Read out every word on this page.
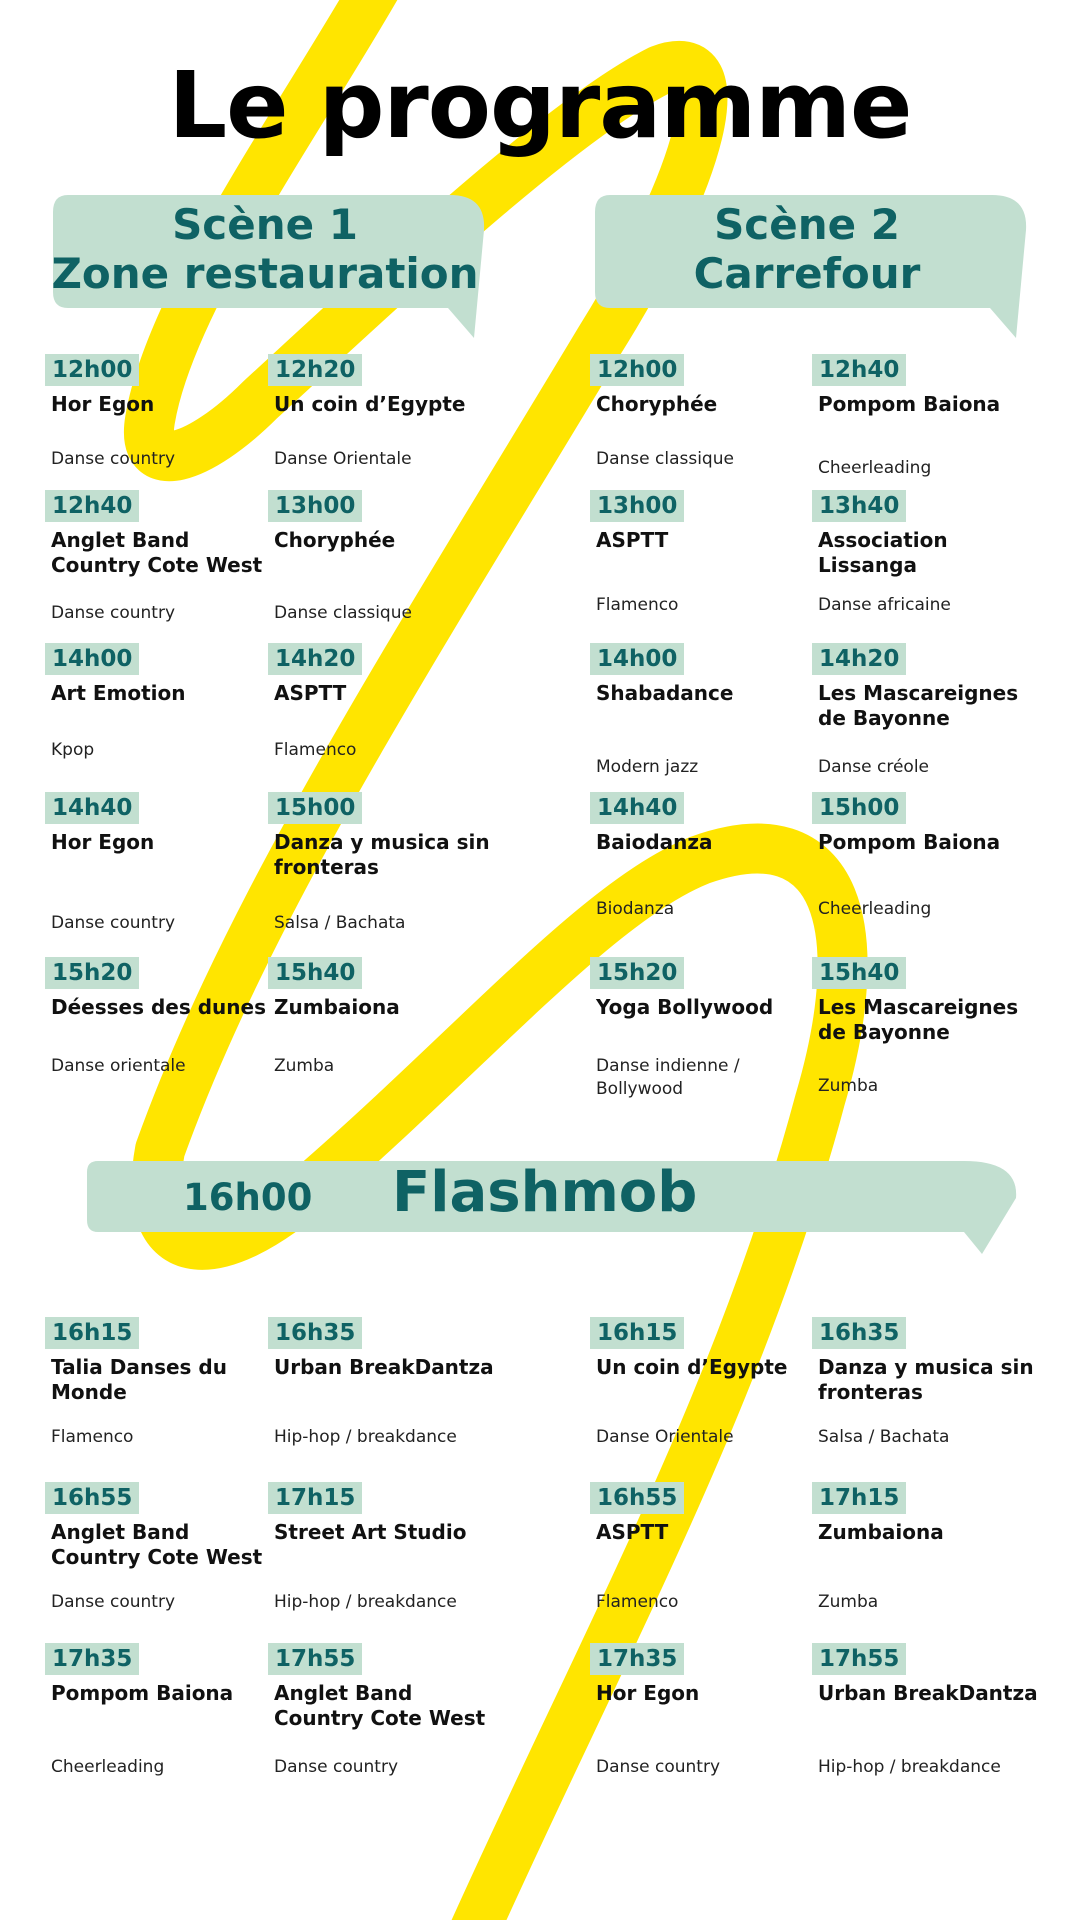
Le programme
Scène 1
Zone restauration
Scène 2
Carrefour
16h00 Flashmob
12h00
Hor Egon
Danse country
12h20
Un coin d’Egypte
Danse Orientale
12h00
Choryphée
Danse classique
12h40
Pompom Baiona
Cheerleading
12h40
Anglet Band Country Cote West
Danse country
13h00
Choryphée
Danse classique
13h00
ASPTT
Flamenco
13h40
Association Lissanga
Danse africaine
14h00
Art Emotion
Kpop
14h20
ASPTT
Flamenco
14h00
Shabadance
Modern jazz
14h20
Les Mascareignes de Bayonne
Danse créole
14h40
Hor Egon
Danse country
15h00
Danza y musica sin fronteras
Salsa / Bachata
14h40
Baiodanza
Biodanza
15h00
Pompom Baiona
Cheerleading
15h20
Déesses des dunes
Danse orientale
15h40
Zumbaiona
Zumba
15h20
Yoga Bollywood
Danse indienne / Bollywood
15h40
Les Mascareignes de Bayonne
Zumba
16h15
Talia Danses du Monde
Flamenco
16h35
Urban BreakDantza
Hip-hop / breakdance
16h15
Un coin d’Egypte
Danse Orientale
16h35
Danza y musica sin fronteras
Salsa / Bachata
16h55
Anglet Band Country Cote West
Danse country
17h15
Street Art Studio
Hip-hop / breakdance
16h55
ASPTT
Flamenco
17h15
Zumbaiona
Zumba
17h35
Pompom Baiona
Cheerleading
17h55
Anglet Band Country Cote West
Danse country
17h35
Hor Egon
Danse country
17h55
Urban BreakDantza
Hip-hop / breakdance
